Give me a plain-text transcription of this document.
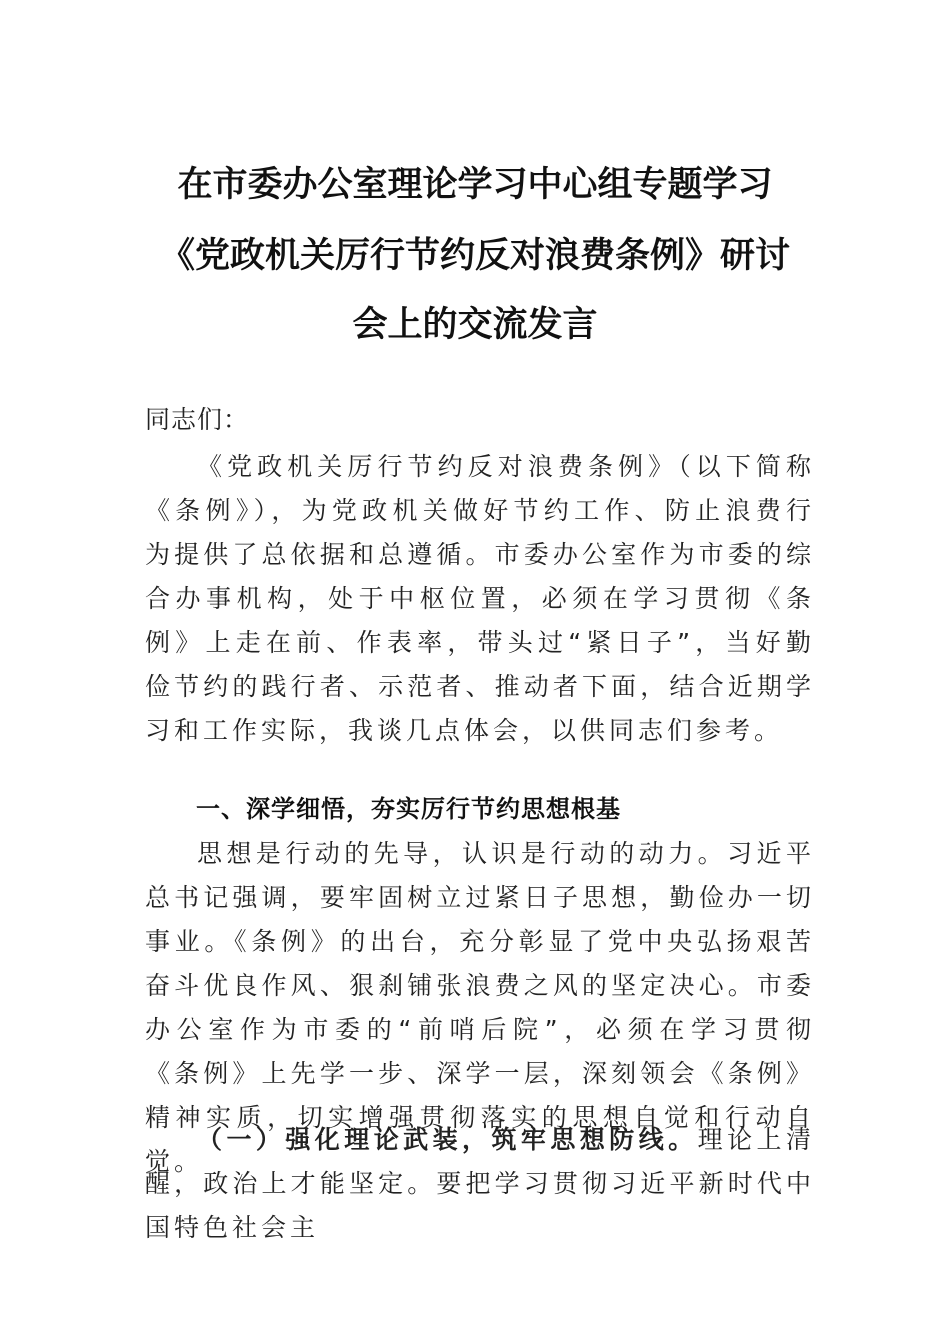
在市委办公室理论学习中心组专题学习
《党政机关厉行节约反对浪费条例》研讨
会上的交流发言
同志们：

《党政机关厉行节约反对浪费条例》（以下简称《条例》），为党政机关做好节约工作、防止浪费行为提供了总依据和总遵循。市委办公室作为市委的综合办事机构，处于中枢位置，必须在学习贯彻《条例》上走在前、作表率，带头过“紧日子”，当好勤俭节约的践行者、示范者、推动者下面，结合近期学习和工作实际，我谈几点体会，以供同志们参考。

一、深学细悟，夯实厉行节约思想根基

思想是行动的先导，认识是行动的动力。习近平总书记强调，要牢固树立过紧日子思想，勤俭办一切事业。《条例》的出台，充分彰显了党中央弘扬艰苦奋斗优良作风、狠刹铺张浪费之风的坚定决心。市委办公室作为市委的“前哨后院”，必须在学习贯彻《条例》上先学一步、深学一层，深刻领会《条例》精神实质，切实增强贯彻落实的思想自觉和行动自觉。

（一）强化理论武装，筑牢思想防线。理论上清醒，政治上才能坚定。要把学习贯彻习近平新时代中国特色社会主
